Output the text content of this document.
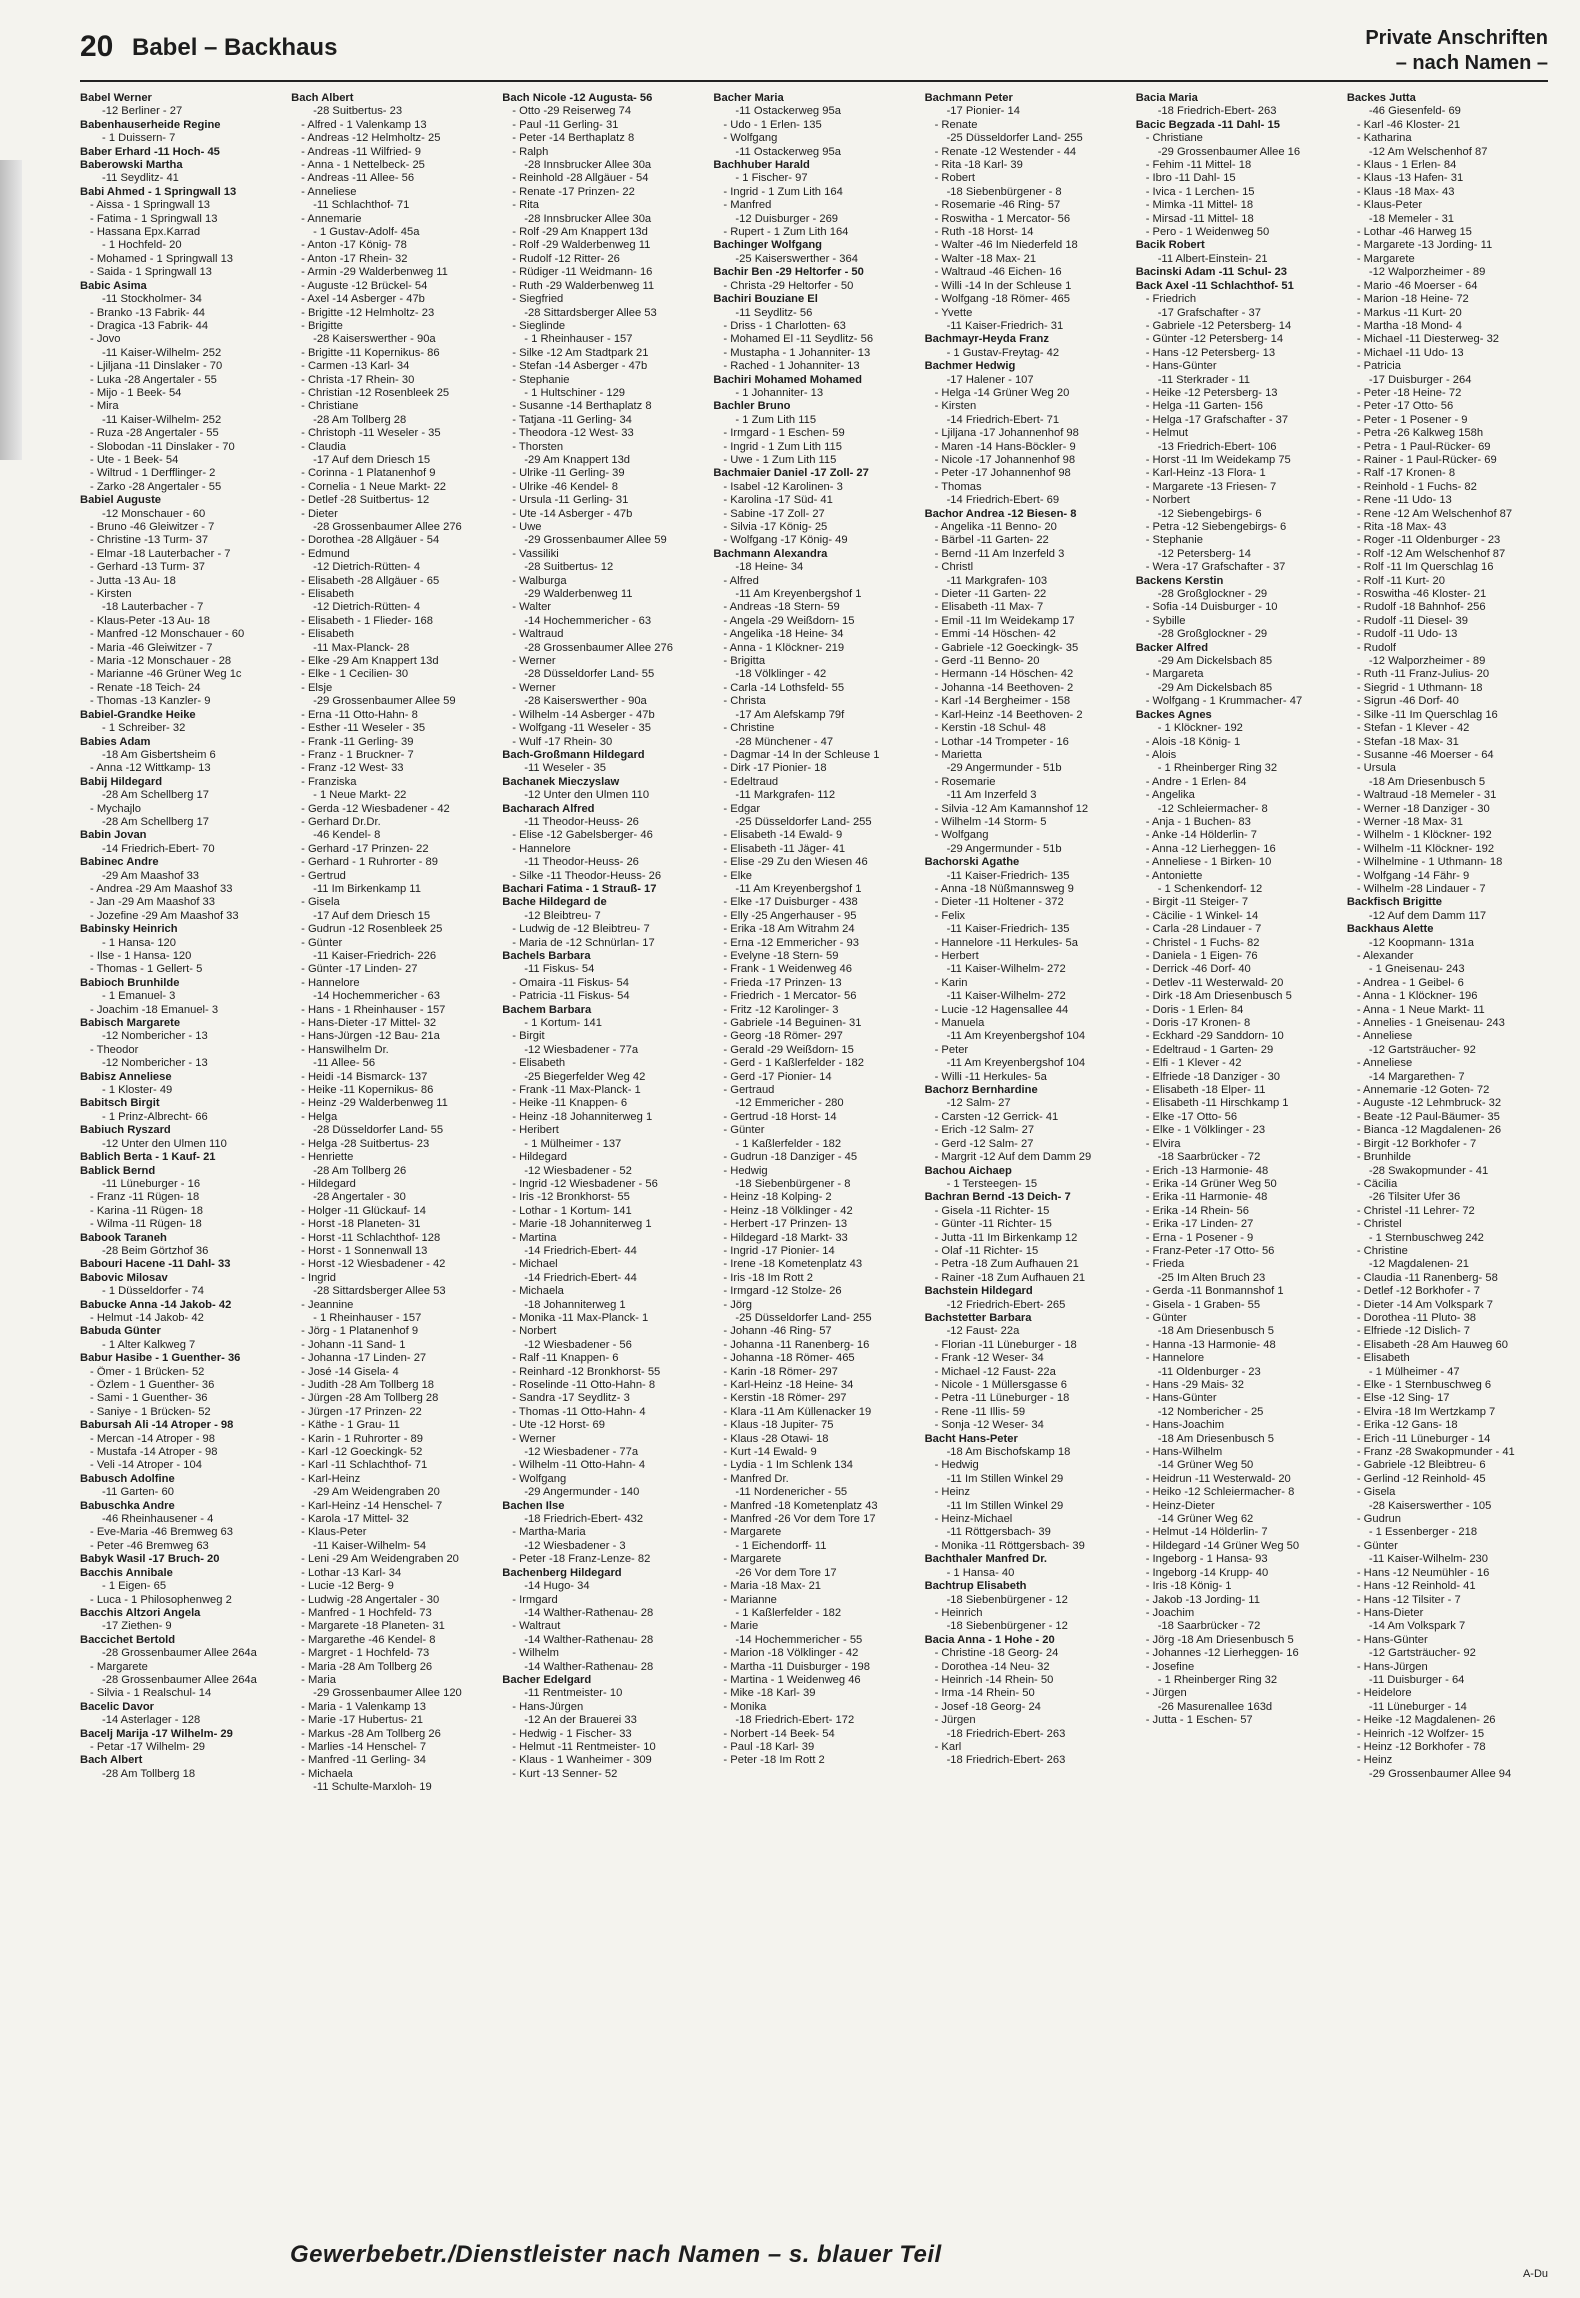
20 Babel – Backhaus	Private Anschriften
– nach Namen –
Babel Werner
-12 Berliner - 27
Babenhauserheide Regine
- 1 Duissern- 7
Baber Erhard -11 Hoch- 45
Baberowski Martha
-11 Seydlitz- 41
Babi Ahmed - 1 Springwall 13
- Aissa - 1 Springwall 13
- Fatima - 1 Springwall 13
- Hassana Epx.Karrad
- 1 Hochfeld- 20
- Mohamed - 1 Springwall 13
- Saida - 1 Springwall 13
Babic Asima
-11 Stockholmer- 34
- Branko -13 Fabrik- 44
- Dragica -13 Fabrik- 44
- Jovo
-11 Kaiser-Wilhelm- 252
- Ljiljana -11 Dinslaker - 70
- Luka -28 Angertaler - 55
- Mijo - 1 Beek- 54
- Mira
-11 Kaiser-Wilhelm- 252
- Ruza -28 Angertaler - 55
- Slobodan -11 Dinslaker - 70
- Ute - 1 Beek- 54
- Wiltrud - 1 Derfflinger- 2
- Zarko -28 Angertaler - 55
Babiel Auguste
-12 Monschauer - 60
- Bruno -46 Gleiwitzer - 7
- Christine -13 Turm- 37
- Elmar -18 Lauterbacher - 7
- Gerhard -13 Turm- 37
- Jutta -13 Au- 18
- Kirsten
-18 Lauterbacher - 7
- Klaus-Peter -13 Au- 18
- Manfred -12 Monschauer - 60
- Maria -46 Gleiwitzer - 7
- Maria -12 Monschauer - 28
- Marianne -46 Grüner Weg 1c
- Renate -18 Teich- 24
- Thomas -13 Kanzler- 9
Babiel-Grandke Heike
- 1 Schreiber- 32
Babies Adam
-18 Am Gisbertsheim 6
- Anna -12 Wittkamp- 13
Babij Hildegard
-28 Am Schellberg 17
- Mychajlo
-28 Am Schellberg 17
Babin Jovan
-14 Friedrich-Ebert- 70
Babinec Andre
-29 Am Maashof 33
- Andrea -29 Am Maashof 33
- Jan -29 Am Maashof 33
- Jozefine -29 Am Maashof 33
Babinsky Heinrich
- 1 Hansa- 120
- Ilse - 1 Hansa- 120
- Thomas - 1 Gellert- 5
Babioch Brunhilde
- 1 Emanuel- 3
- Joachim -18 Emanuel- 3
Babisch Margarete
-12 Nombericher - 13
- Theodor
-12 Nombericher - 13
Babisz Anneliese
- 1 Kloster- 49
Babitsch Birgit
- 1 Prinz-Albrecht- 66
Babiuch Ryszard
-12 Unter den Ulmen 110
Bablich Berta - 1 Kauf- 21
Bablick Bernd
-11 Lüneburger - 16
- Franz -11 Rügen- 18
- Karina -11 Rügen- 18
- Wilma -11 Rügen- 18
Babook Taraneh
-28 Beim Görtzhof 36
Babouri Hacene -11 Dahl- 33
Babovic Milosav
- 1 Düsseldorfer - 74
Babucke Anna -14 Jakob- 42
- Helmut -14 Jakob- 42
Babuda Günter
- 1 Alter Kalkweg 7
Babur Hasibe - 1 Guenther- 36
- Ömer - 1 Brücken- 52
- Özlem - 1 Guenther- 36
- Sami - 1 Guenther- 36
- Saniye - 1 Brücken- 52
Babursah Ali -14 Atroper - 98
- Mercan -14 Atroper - 98
- Mustafa -14 Atroper - 98
- Veli -14 Atroper - 104
Babusch Adolfine
-11 Garten- 60
Babuschka Andre
-46 Rheinhausener - 4
- Eve-Maria -46 Bremweg 63
- Peter -46 Bremweg 63
Babyk Wasil -17 Bruch- 20
Bacchis Annibale
- 1 Eigen- 65
- Luca - 1 Philosophenweg 2
Bacchis Altzori Angela
-17 Ziethen- 9
Baccichet Bertold
-28 Grossenbaumer Allee 264a
- Margarete
-28 Grossenbaumer Allee 264a
- Silvia - 1 Realschul- 14
Bacelic Davor
-14 Asterlager - 128
Bacelj Marija -17 Wilhelm- 29
- Petar -17 Wilhelm- 29
Bach Albert
-28 Am Tollberg 18
Bach Albert
-28 Suitbertus- 23
- Alfred - 1 Valenkamp 13
- Andreas -12 Helmholtz- 25
- Andreas -11 Wilfried- 9
- Anna - 1 Nettelbeck- 25
- Andreas -11 Allee- 56
- Anneliese
-11 Schlachthof- 71
- Annemarie
- 1 Gustav-Adolf- 45a
- Anton -17 König- 78
- Anton -17 Rhein- 32
- Armin -29 Walderbenweg 11
- Auguste -12 Brückel- 54
- Axel -14 Asberger - 47b
- Brigitte -12 Helmholtz- 23
- Brigitte
-28 Kaiserswerther - 90a
- Brigitte -11 Kopernikus- 86
- Carmen -13 Karl- 34
- Christa -17 Rhein- 30
- Christian -12 Rosenbleek 25
- Christiane
-28 Am Tollberg 28
- Christoph -11 Weseler - 35
- Claudia
-17 Auf dem Driesch 15
- Corinna - 1 Platanenhof 9
- Cornelia - 1 Neue Markt- 22
- Detlef -28 Suitbertus- 12
- Dieter
-28 Grossenbaumer Allee 276
- Dorothea -28 Allgäuer - 54
- Edmund
-12 Dietrich-Rütten- 4
- Elisabeth -28 Allgäuer - 65
- Elisabeth
-12 Dietrich-Rütten- 4
- Elisabeth - 1 Flieder- 168
- Elisabeth
-11 Max-Planck- 28
- Elke -29 Am Knappert 13d
- Elke - 1 Cecilien- 30
- Elsje
-29 Grossenbaumer Allee 59
- Erna -11 Otto-Hahn- 8
- Esther -11 Weseler - 35
- Frank -11 Gerling- 39
- Franz - 1 Bruckner- 7
- Franz -12 West- 33
- Franziska
- 1 Neue Markt- 22
- Gerda -12 Wiesbadener - 42
- Gerhard Dr.Dr.
-46 Kendel- 8
- Gerhard -17 Prinzen- 22
- Gerhard - 1 Ruhrorter - 89
- Gertrud
-11 Im Birkenkamp 11
- Gisela
-17 Auf dem Driesch 15
- Gudrun -12 Rosenbleek 25
- Günter
-11 Kaiser-Friedrich- 226
- Günter -17 Linden- 27
- Hannelore
-14 Hochemmericher - 63
- Hans - 1 Rheinhauser - 157
- Hans-Dieter -17 Mittel- 32
- Hans-Jürgen -12 Bau- 21a
- Hanswilhelm Dr.
-11 Allee- 56
- Heidi -14 Bismarck- 137
- Heike -11 Kopernikus- 86
- Heinz -29 Walderbenweg 11
- Helga
-28 Düsseldorfer Land- 55
- Helga -28 Suitbertus- 23
- Henriette
-28 Am Tollberg 26
- Hildegard
-28 Angertaler - 30
- Holger -11 Glückauf- 14
- Horst -18 Planeten- 31
- Horst -11 Schlachthof- 128
- Horst - 1 Sonnenwall 13
- Horst -12 Wiesbadener - 42
- Ingrid
-28 Sittardsberger Allee 53
- Jeannine
- 1 Rheinhauser - 157
- Jörg - 1 Platanenhof 9
- Johann -11 Sand- 1
- Johanna -17 Linden- 27
- José -14 Gisela- 4
- Judith -28 Am Tollberg 18
- Jürgen -28 Am Tollberg 28
- Jürgen -17 Prinzen- 22
- Käthe - 1 Grau- 11
- Karin - 1 Ruhrorter - 89
- Karl -12 Goeckingk- 52
- Karl -11 Schlachthof- 71
- Karl-Heinz
-29 Am Weidengraben 20
- Karl-Heinz -14 Henschel- 7
- Karola -17 Mittel- 32
- Klaus-Peter
-11 Kaiser-Wilhelm- 54
- Leni -29 Am Weidengraben 20
- Lothar -13 Karl- 34
- Lucie -12 Berg- 9
- Ludwig -28 Angertaler - 30
- Manfred - 1 Hochfeld- 73
- Margarete -18 Planeten- 31
- Margarethe -46 Kendel- 8
- Margret - 1 Hochfeld- 73
- Maria -28 Am Tollberg 26
- Maria
-29 Grossenbaumer Allee 120
- Maria - 1 Valenkamp 13
- Marie -17 Hubertus- 21
- Markus -28 Am Tollberg 26
- Marlies -14 Henschel- 7
- Manfred -11 Gerling- 34
- Michaela
-11 Schulte-Marxloh- 19
Bach Nicole -12 Augusta- 56
- Otto -29 Reiserweg 74
- Paul -11 Gerling- 31
- Peter -14 Berthaplatz 8
- Ralph
-28 Innsbrucker Allee 30a
- Reinhold -28 Allgäuer - 54
- Renate -17 Prinzen- 22
- Rita
-28 Innsbrucker Allee 30a
- Rolf -29 Am Knappert 13d
- Rolf -29 Walderbenweg 11
- Rudolf -12 Ritter- 26
- Rüdiger -11 Weidmann- 16
- Ruth -29 Walderbenweg 11
- Siegfried
-28 Sittardsberger Allee 53
- Sieglinde
- 1 Rheinhauser - 157
- Silke -12 Am Stadtpark 21
- Stefan -14 Asberger - 47b
- Stephanie
- 1 Hultschiner - 129
- Susanne -14 Berthaplatz 8
- Tatjana -11 Gerling- 34
- Theodora -12 West- 33
- Thorsten
-29 Am Knappert 13d
- Ulrike -11 Gerling- 39
- Ulrike -46 Kendel- 8
- Ursula -11 Gerling- 31
- Ute -14 Asberger - 47b
- Uwe
-29 Grossenbaumer Allee 59
- Vassiliki
-28 Suitbertus- 12
- Walburga
-29 Walderbenweg 11
- Walter
-14 Hochemmericher - 63
- Waltraud
-28 Grossenbaumer Allee 276
- Werner
-28 Düsseldorfer Land- 55
- Werner
-28 Kaiserswerther - 90a
- Wilhelm -14 Asberger - 47b
- Wolfgang -11 Weseler - 35
- Wulf -17 Rhein- 30
Bach-Großmann Hildegard
-11 Weseler - 35
Bachanek Mieczyslaw
-12 Unter den Ulmen 110
Bacharach Alfred
-11 Theodor-Heuss- 26
- Elise -12 Gabelsberger- 46
- Hannelore
-11 Theodor-Heuss- 26
- Silke -11 Theodor-Heuss- 26
Bachari Fatima - 1 Strauß- 17
Bache Hildegard de
-12 Bleibtreu- 7
- Ludwig de -12 Bleibtreu- 7
- Maria de -12 Schnürlan- 17
Bachels Barbara
-11 Fiskus- 54
- Omaira -11 Fiskus- 54
- Patricia -11 Fiskus- 54
Bachem Barbara
- 1 Kortum- 141
- Birgit
-12 Wiesbadener - 77a
- Elisabeth
-25 Biegerfelder Weg 42
- Frank -11 Max-Planck- 1
- Heike -11 Knappen- 6
- Heinz -18 Johanniterweg 1
- Heribert
- 1 Mülheimer - 137
- Hildegard
-12 Wiesbadener - 52
- Ingrid -12 Wiesbadener - 56
- Iris -12 Bronkhorst- 55
- Lothar - 1 Kortum- 141
- Marie -18 Johanniterweg 1
- Martina
-14 Friedrich-Ebert- 44
- Michael
-14 Friedrich-Ebert- 44
- Michaela
-18 Johanniterweg 1
- Monika -11 Max-Planck- 1
- Norbert
-12 Wiesbadener - 56
- Ralf -11 Knappen- 6
- Reinhard -12 Bronkhorst- 55
- Roselinde -11 Otto-Hahn- 8
- Sandra -17 Seydlitz- 3
- Thomas -11 Otto-Hahn- 4
- Ute -12 Horst- 69
- Werner
-12 Wiesbadener - 77a
- Wilhelm -11 Otto-Hahn- 4
- Wolfgang
-29 Angermunder - 140
Bachen Ilse
-18 Friedrich-Ebert- 432
- Martha-Maria
-12 Wiesbadener - 3
- Peter -18 Franz-Lenze- 82
Bachenberg Hildegard
-14 Hugo- 34
- Irmgard
-14 Walther-Rathenau- 28
- Waltraut
-14 Walther-Rathenau- 28
- Wilhelm
-14 Walther-Rathenau- 28
Bacher Edelgard
-11 Rentmeister- 10
- Hans-Jürgen
-12 An der Brauerei 33
- Hedwig - 1 Fischer- 33
- Helmut -11 Rentmeister- 10
- Klaus - 1 Wanheimer - 309
- Kurt -13 Senner- 52
Bacher Maria
-11 Ostackerweg 95a
- Udo - 1 Erlen- 135
- Wolfgang
-11 Ostackerweg 95a
Bachhuber Harald
- 1 Fischer- 97
- Ingrid - 1 Zum Lith 164
- Manfred
-12 Duisburger - 269
- Rupert - 1 Zum Lith 164
Bachinger Wolfgang
-25 Kaiserswerther - 364
Bachir Ben -29 Heltorfer - 50
- Christa -29 Heltorfer - 50
Bachiri Bouziane El
-11 Seydlitz- 56
- Driss - 1 Charlotten- 63
- Mohamed El -11 Seydlitz- 56
- Mustapha - 1 Johanniter- 13
- Rached - 1 Johanniter- 13
Bachiri Mohamed Mohamed
- 1 Johanniter- 13
Bachler Bruno
- 1 Zum Lith 115
- Irmgard - 1 Eschen- 59
- Ingrid - 1 Zum Lith 115
- Uwe - 1 Zum Lith 115
Bachmaier Daniel -17 Zoll- 27
- Isabel -12 Karolinen- 3
- Karolina -17 Süd- 41
- Sabine -17 Zoll- 27
- Silvia -17 König- 25
- Wolfgang -17 König- 49
Bachmann Alexandra
-18 Heine- 34
- Alfred
-11 Am Kreyenbergshof 1
- Andreas -18 Stern- 59
- Angela -29 Weißdorn- 15
- Angelika -18 Heine- 34
- Anna - 1 Klöckner- 219
- Brigitta
-18 Völklinger - 42
- Carla -14 Lothsfeld- 55
- Christa
-17 Am Alefskamp 79f
- Christine
-28 Münchener - 47
- Dagmar -14 In der Schleuse 1
- Dirk -17 Pionier- 18
- Edeltraud
-11 Markgrafen- 112
- Edgar
-25 Düsseldorfer Land- 255
- Elisabeth -14 Ewald- 9
- Elisabeth -11 Jäger- 41
- Elise -29 Zu den Wiesen 46
- Elke
-11 Am Kreyenbergshof 1
- Elke -17 Duisburger - 438
- Elly -25 Angerhauser - 95
- Erika -18 Am Witrahm 24
- Erna -12 Emmericher - 93
- Evelyne -18 Stern- 59
- Frank - 1 Weidenweg 46
- Frieda -17 Prinzen- 13
- Friedrich - 1 Mercator- 56
- Fritz -12 Karolinger- 3
- Gabriele -14 Beguinen- 31
- Georg -18 Römer- 297
- Gerald -29 Weißdorn- 15
- Gerd - 1 Kaßlerfelder - 182
- Gerd -17 Pionier- 14
- Gertraud
-12 Emmericher - 280
- Gertrud -18 Horst- 14
- Günter
- 1 Kaßlerfelder - 182
- Gudrun -18 Danziger - 45
- Hedwig
-18 Siebenbürgener - 8
- Heinz -18 Kolping- 2
- Heinz -18 Völklinger - 42
- Herbert -17 Prinzen- 13
- Hildegard -18 Markt- 33
- Ingrid -17 Pionier- 14
- Irene -18 Kometenplatz 43
- Iris -18 Im Rott 2
- Irmgard -12 Stolze- 26
- Jörg
-25 Düsseldorfer Land- 255
- Johann -46 Ring- 57
- Johanna -11 Ranenberg- 16
- Johanna -18 Römer- 465
- Karin -18 Römer- 297
- Karl-Heinz -18 Heine- 34
- Kerstin -18 Römer- 297
- Klara -11 Am Küllenacker 19
- Klaus -18 Jupiter- 75
- Klaus -28 Otawi- 18
- Kurt -14 Ewald- 9
- Lydia - 1 Im Schlenk 134
- Manfred Dr.
-11 Nordenericher - 55
- Manfred -18 Kometenplatz 43
- Manfred -26 Vor dem Tore 17
- Margarete
- 1 Eichendorff- 11
- Margarete
-26 Vor dem Tore 17
- Maria -18 Max- 21
- Marianne
- 1 Kaßlerfelder - 182
- Marie
-14 Hochemmericher - 55
- Marion -18 Völklinger - 42
- Martha -11 Duisburger - 198
- Martina - 1 Weidenweg 46
- Mike -18 Karl- 39
- Monika
-18 Friedrich-Ebert- 172
- Norbert -14 Beek- 54
- Paul -18 Karl- 39
- Peter -18 Im Rott 2
Bachmann Peter
-17 Pionier- 14
- Renate
-25 Düsseldorfer Land- 255
- Renate -12 Westender - 44
- Rita -18 Karl- 39
- Robert
-18 Siebenbürgener - 8
- Rosemarie -46 Ring- 57
- Roswitha - 1 Mercator- 56
- Ruth -18 Horst- 14
- Walter -46 Im Niederfeld 18
- Walter -18 Max- 21
- Waltraud -46 Eichen- 16
- Willi -14 In der Schleuse 1
- Wolfgang -18 Römer- 465
- Yvette
-11 Kaiser-Friedrich- 31
Bachmayr-Heyda Franz
- 1 Gustav-Freytag- 42
Bachmer Hedwig
-17 Halener - 107
- Helga -14 Grüner Weg 20
- Kirsten
-14 Friedrich-Ebert- 71
- Ljiljana -17 Johannenhof 98
- Maren -14 Hans-Böckler- 9
- Nicole -17 Johannenhof 98
- Peter -17 Johannenhof 98
- Thomas
-14 Friedrich-Ebert- 69
Bachor Andrea -12 Biesen- 8
- Angelika -11 Benno- 20
- Bärbel -11 Garten- 22
- Bernd -11 Am Inzerfeld 3
- Christl
-11 Markgrafen- 103
- Dieter -11 Garten- 22
- Elisabeth -11 Max- 7
- Emil -11 Im Weidekamp 17
- Emmi -14 Höschen- 42
- Gabriele -12 Goeckingk- 35
- Gerd -11 Benno- 20
- Hermann -14 Höschen- 42
- Johanna -14 Beethoven- 2
- Karl -14 Bergheimer - 158
- Karl-Heinz -14 Beethoven- 2
- Kerstin -18 Schul- 48
- Lothar -14 Trompeter - 16
- Marietta
-29 Angermunder - 51b
- Rosemarie
-11 Am Inzerfeld 3
- Silvia -12 Am Kamannshof 12
- Wilhelm -14 Storm- 5
- Wolfgang
-29 Angermunder - 51b
Bachorski Agathe
-11 Kaiser-Friedrich- 135
- Anna -18 Nüßmannsweg 9
- Dieter -11 Holtener - 372
- Felix
-11 Kaiser-Friedrich- 135
- Hannelore -11 Herkules- 5a
- Herbert
-11 Kaiser-Wilhelm- 272
- Karin
-11 Kaiser-Wilhelm- 272
- Lucie -12 Hagensallee 44
- Manuela
-11 Am Kreyenbergshof 104
- Peter
-11 Am Kreyenbergshof 104
- Willi -11 Herkules- 5a
Bachorz Bernhardine
-12 Salm- 27
- Carsten -12 Gerrick- 41
- Erich -12 Salm- 27
- Gerd -12 Salm- 27
- Margrit -12 Auf dem Damm 29
Bachou Aichaep
- 1 Tersteegen- 15
Bachran Bernd -13 Deich- 7
- Gisela -11 Richter- 15
- Günter -11 Richter- 15
- Jutta -11 Im Birkenkamp 12
- Olaf -11 Richter- 15
- Petra -18 Zum Aufhauen 21
- Rainer -18 Zum Aufhauen 21
Bachstein Hildegard
-12 Friedrich-Ebert- 265
Bachstetter Barbara
-12 Faust- 22a
- Florian -11 Lüneburger - 18
- Frank -12 Weser- 34
- Michael -12 Faust- 22a
- Nicole - 1 Müllersgasse 6
- Petra -11 Lüneburger - 18
- Rene -11 Illis- 59
- Sonja -12 Weser- 34
Bacht Hans-Peter
-18 Am Bischofskamp 18
- Hedwig
-11 Im Stillen Winkel 29
- Heinz
-11 Im Stillen Winkel 29
- Heinz-Michael
-11 Röttgersbach- 39
- Monika -11 Röttgersbach- 39
Bachthaler Manfred Dr.
- 1 Hansa- 40
Bachtrup Elisabeth
-18 Siebenbürgener - 12
- Heinrich
-18 Siebenbürgener - 12
Bacia Anna - 1 Hohe - 20
- Christine -18 Georg- 24
- Dorothea -14 Neu- 32
- Heinrich -14 Rhein- 50
- Irma -14 Rhein- 50
- Josef -18 Georg- 24
- Jürgen
-18 Friedrich-Ebert- 263
- Karl
-18 Friedrich-Ebert- 263
Bacia Maria
-18 Friedrich-Ebert- 263
Bacic Begzada -11 Dahl- 15
- Christiane
-29 Grossenbaumer Allee 16
- Fehim -11 Mittel- 18
- Ibro -11 Dahl- 15
- Ivica - 1 Lerchen- 15
- Mimka -11 Mittel- 18
- Mirsad -11 Mittel- 18
- Pero - 1 Weidenweg 50
Bacik Robert
-11 Albert-Einstein- 21
Bacinski Adam -11 Schul- 23
Back Axel -11 Schlachthof- 51
- Friedrich
-17 Grafschafter - 37
- Gabriele -12 Petersberg- 14
- Günter -12 Petersberg- 14
- Hans -12 Petersberg- 13
- Hans-Günter
-11 Sterkrader - 11
- Heike -12 Petersberg- 13
- Helga -11 Garten- 156
- Helga -17 Grafschafter - 37
- Helmut
-13 Friedrich-Ebert- 106
- Horst -11 Im Weidekamp 75
- Karl-Heinz -13 Flora- 1
- Margarete -13 Friesen- 7
- Norbert
-12 Siebengebirgs- 6
- Petra -12 Siebengebirgs- 6
- Stephanie
-12 Petersberg- 14
- Wera -17 Grafschafter - 37
Backens Kerstin
-28 Großglockner - 29
- Sofia -14 Duisburger - 10
- Sybille
-28 Großglockner - 29
Backer Alfred
-29 Am Dickelsbach 85
- Margareta
-29 Am Dickelsbach 85
- Wolfgang - 1 Krummacher- 47
Backes Agnes
- 1 Klöckner- 192
- Alois -18 König- 1
- Alois
- 1 Rheinberger Ring 32
- Andre - 1 Erlen- 84
- Angelika
-12 Schleiermacher- 8
- Anja - 1 Buchen- 83
- Anke -14 Hölderlin- 7
- Anna -12 Lierheggen- 16
- Anneliese - 1 Birken- 10
- Antoniette
- 1 Schenkendorf- 12
- Birgit -11 Steiger- 7
- Cäcilie - 1 Winkel- 14
- Carla -28 Lindauer - 7
- Christel - 1 Fuchs- 82
- Daniela - 1 Eigen- 76
- Derrick -46 Dorf- 40
- Detlev -11 Westerwald- 20
- Dirk -18 Am Driesenbusch 5
- Doris - 1 Erlen- 84
- Doris -17 Kronen- 8
- Eckhard -29 Sanddorn- 10
- Edeltraud - 1 Garten- 29
- Elfi - 1 Klever - 42
- Elfriede -18 Danziger - 30
- Elisabeth -18 Elper- 11
- Elisabeth -11 Hirschkamp 1
- Elke -17 Otto- 56
- Elke - 1 Völklinger - 23
- Elvira
-18 Saarbrücker - 72
- Erich -13 Harmonie- 48
- Erika -14 Grüner Weg 50
- Erika -11 Harmonie- 48
- Erika -14 Rhein- 56
- Erika -17 Linden- 27
- Erna - 1 Posener - 9
- Franz-Peter -17 Otto- 56
- Frieda
-25 Im Alten Bruch 23
- Gerda -11 Bonmannshof 1
- Gisela - 1 Graben- 55
- Günter
-18 Am Driesenbusch 5
- Hanna -13 Harmonie- 48
- Hannelore
-11 Oldenburger - 23
- Hans -29 Mais- 32
- Hans-Günter
-12 Nombericher - 25
- Hans-Joachim
-18 Am Driesenbusch 5
- Hans-Wilhelm
-14 Grüner Weg 50
- Heidrun -11 Westerwald- 20
- Heiko -12 Schleiermacher- 8
- Heinz-Dieter
-14 Grüner Weg 62
- Helmut -14 Hölderlin- 7
- Hildegard -14 Grüner Weg 50
- Ingeborg - 1 Hansa- 93
- Ingeborg -14 Krupp- 40
- Iris -18 König- 1
- Jakob -13 Jording- 11
- Joachim
-18 Saarbrücker - 72
- Jörg -18 Am Driesenbusch 5
- Johannes -12 Lierheggen- 16
- Josefine
- 1 Rheinberger Ring 32
- Jürgen
-26 Masurenallee 163d
- Jutta - 1 Eschen- 57
Backes Jutta
-46 Giesenfeld- 69
- Karl -46 Kloster- 21
- Katharina
-12 Am Welschenhof 87
- Klaus - 1 Erlen- 84
- Klaus -13 Hafen- 31
- Klaus -18 Max- 43
- Klaus-Peter
-18 Memeler - 31
- Lothar -46 Harweg 15
- Margarete -13 Jording- 11
- Margarete
-12 Walporzheimer - 89
- Mario -46 Moerser - 64
- Marion -18 Heine- 72
- Markus -11 Kurt- 20
- Martha -18 Mond- 4
- Michael -11 Diesterweg- 32
- Michael -11 Udo- 13
- Patricia
-17 Duisburger - 264
- Peter -18 Heine- 72
- Peter -17 Otto- 56
- Peter - 1 Posener - 9
- Petra -26 Kalkweg 158h
- Petra - 1 Paul-Rücker- 69
- Rainer - 1 Paul-Rücker- 69
- Ralf -17 Kronen- 8
- Reinhold - 1 Fuchs- 82
- Rene -11 Udo- 13
- Rene -12 Am Welschenhof 87
- Rita -18 Max- 43
- Roger -11 Oldenburger - 23
- Rolf -12 Am Welschenhof 87
- Rolf -11 Im Querschlag 16
- Rolf -11 Kurt- 20
- Roswitha -46 Kloster- 21
- Rudolf -18 Bahnhof- 256
- Rudolf -11 Diesel- 39
- Rudolf -11 Udo- 13
- Rudolf
-12 Walporzheimer - 89
- Ruth -11 Franz-Julius- 20
- Siegrid - 1 Uthmann- 18
- Sigrun -46 Dorf- 40
- Silke -11 Im Querschlag 16
- Stefan - 1 Klever - 42
- Stefan -18 Max- 31
- Susanne -46 Moerser - 64
- Ursula
-18 Am Driesenbusch 5
- Waltraud -18 Memeler - 31
- Werner -18 Danziger - 30
- Werner -18 Max- 31
- Wilhelm - 1 Klöckner- 192
- Wilhelm -11 Klöckner- 192
- Wilhelmine - 1 Uthmann- 18
- Wolfgang -14 Fähr- 9
- Wilhelm -28 Lindauer - 7
Backfisch Brigitte
-12 Auf dem Damm 117
Backhaus Alette
-12 Koopmann- 131a
- Alexander
- 1 Gneisenau- 243
- Andrea - 1 Geibel- 6
- Anna - 1 Klöckner- 196
- Anna - 1 Neue Markt- 11
- Annelies - 1 Gneisenau- 243
- Anneliese
-12 Gartsträucher- 92
- Anneliese
-14 Margarethen- 7
- Annemarie -12 Goten- 72
- Auguste -12 Lehmbruck- 32
- Beate -12 Paul-Bäumer- 35
- Bianca -12 Magdalenen- 26
- Birgit -12 Borkhofer - 7
- Brunhilde
-28 Swakopmunder - 41
- Cäcilia
-26 Tilsiter Ufer 36
- Christel -11 Lehrer- 72
- Christel
- 1 Sternbuschweg 242
- Christine
-12 Magdalenen- 21
- Claudia -11 Ranenberg- 58
- Detlef -12 Borkhofer - 7
- Dieter -14 Am Volkspark 7
- Dorothea -11 Pluto- 38
- Elfriede -12 Dislich- 7
- Elisabeth -28 Am Hauweg 60
- Elisabeth
- 1 Mülheimer - 47
- Elke - 1 Sternbuschweg 6
- Else -12 Sing- 17
- Elvira -18 Im Wertzkamp 7
- Erika -12 Gans- 18
- Erich -11 Lüneburger - 14
- Franz -28 Swakopmunder - 41
- Gabriele -12 Bleibtreu- 6
- Gerlind -12 Reinhold- 45
- Gisela
-28 Kaiserswerther - 105
- Gudrun
- 1 Essenberger - 218
- Günter
-11 Kaiser-Wilhelm- 230
- Hans -12 Neumühler - 16
- Hans -12 Reinhold- 41
- Hans -12 Tilsiter - 7
- Hans-Dieter
-14 Am Volkspark 7
- Hans-Günter
-12 Gartsträucher- 92
- Hans-Jürgen
-11 Duisburger - 64
- Heidelore
-11 Lüneburger - 14
- Heike -12 Magdalenen- 26
- Heinrich -12 Wolfzer- 15
- Heinz -12 Borkhofer - 78
- Heinz
-29 Grossenbaumer Allee 94
Gewerbebetr./Dienstleister nach Namen – s. blauer Teil
A-Du
